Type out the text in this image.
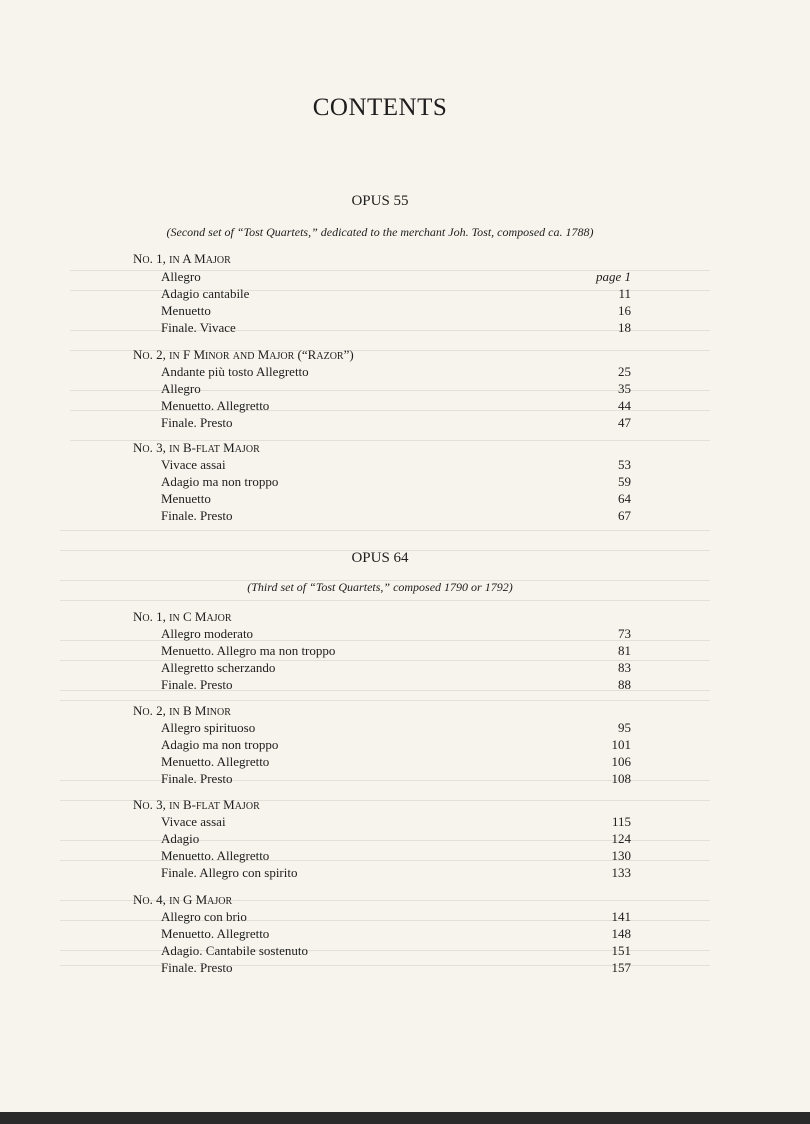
CONTENTS
OPUS 55
(Second set of “Tost Quartets,” dedicated to the merchant Joh. Tost, composed ca. 1788)
NO. 1, IN A MAJOR
Allegro	page 1
Adagio cantabile	11
Menuetto	16
Finale. Vivace	18
NO. 2, IN F MINOR AND MAJOR (“RAZOR”)
Andante più tosto Allegretto	25
Allegro	35
Menuetto. Allegretto	44
Finale. Presto	47
NO. 3, IN B-FLAT MAJOR
Vivace assai	53
Adagio ma non troppo	59
Menuetto	64
Finale. Presto	67
OPUS 64
(Third set of “Tost Quartets,” composed 1790 or 1792)
NO. 1, IN C MAJOR
Allegro moderato	73
Menuetto. Allegro ma non troppo	81
Allegretto scherzando	83
Finale. Presto	88
NO. 2, IN B MINOR
Allegro spirituoso	95
Adagio ma non troppo	101
Menuetto. Allegretto	106
Finale. Presto	108
NO. 3, IN B-FLAT MAJOR
Vivace assai	115
Adagio	124
Menuetto. Allegretto	130
Finale. Allegro con spirito	133
NO. 4, IN G MAJOR
Allegro con brio	141
Menuetto. Allegretto	148
Adagio. Cantabile sostenuto	151
Finale. Presto	157
